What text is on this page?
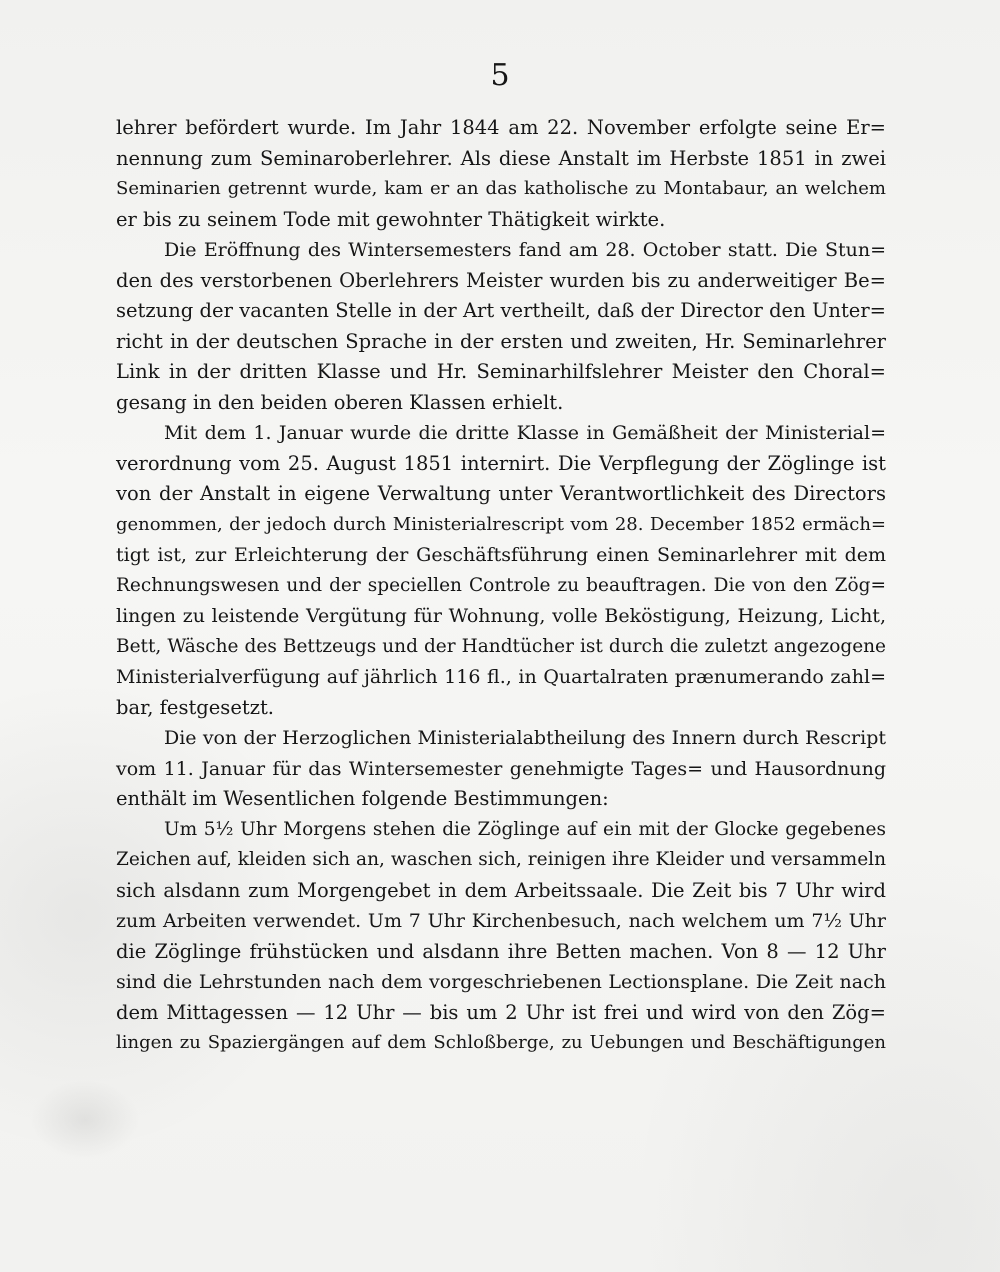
5
lehrer befördert wurde. Im Jahr 1844 am 22. November erfolgte seine Er=
nennung zum Seminaroberlehrer. Als diese Anstalt im Herbste 1851 in zwei
Seminarien getrennt wurde, kam er an das katholische zu Montabaur, an welchem
er bis zu seinem Tode mit gewohnter Thätigkeit wirkte.
Die Eröffnung des Wintersemesters fand am 28. October statt. Die Stun=
den des verstorbenen Oberlehrers Meister wurden bis zu anderweitiger Be=
setzung der vacanten Stelle in der Art vertheilt, daß der Director den Unter=
richt in der deutschen Sprache in der ersten und zweiten, Hr. Seminarlehrer
Link in der dritten Klasse und Hr. Seminarhilfslehrer Meister den Choral=
gesang in den beiden oberen Klassen erhielt.
Mit dem 1. Januar wurde die dritte Klasse in Gemäßheit der Ministerial=
verordnung vom 25. August 1851 internirt. Die Verpflegung der Zöglinge ist
von der Anstalt in eigene Verwaltung unter Verantwortlichkeit des Directors
genommen, der jedoch durch Ministerialrescript vom 28. December 1852 ermäch=
tigt ist, zur Erleichterung der Geschäftsführung einen Seminarlehrer mit dem
Rechnungswesen und der speciellen Controle zu beauftragen. Die von den Zög=
lingen zu leistende Vergütung für Wohnung, volle Beköstigung, Heizung, Licht,
Bett, Wäsche des Bettzeugs und der Handtücher ist durch die zuletzt angezogene
Ministerialverfügung auf jährlich 116 fl., in Quartalraten prænumerando zahl=
bar, festgesetzt.
Die von der Herzoglichen Ministerialabtheilung des Innern durch Rescript
vom 11. Januar für das Wintersemester genehmigte Tages= und Hausordnung
enthält im Wesentlichen folgende Bestimmungen:
Um 5½ Uhr Morgens stehen die Zöglinge auf ein mit der Glocke gegebenes
Zeichen auf, kleiden sich an, waschen sich, reinigen ihre Kleider und versammeln
sich alsdann zum Morgengebet in dem Arbeitssaale. Die Zeit bis 7 Uhr wird
zum Arbeiten verwendet. Um 7 Uhr Kirchenbesuch, nach welchem um 7½ Uhr
die Zöglinge frühstücken und alsdann ihre Betten machen. Von 8 — 12 Uhr
sind die Lehrstunden nach dem vorgeschriebenen Lectionsplane. Die Zeit nach
dem Mittagessen — 12 Uhr — bis um 2 Uhr ist frei und wird von den Zög=
lingen zu Spaziergängen auf dem Schloßberge, zu Uebungen und Beschäftigungen
